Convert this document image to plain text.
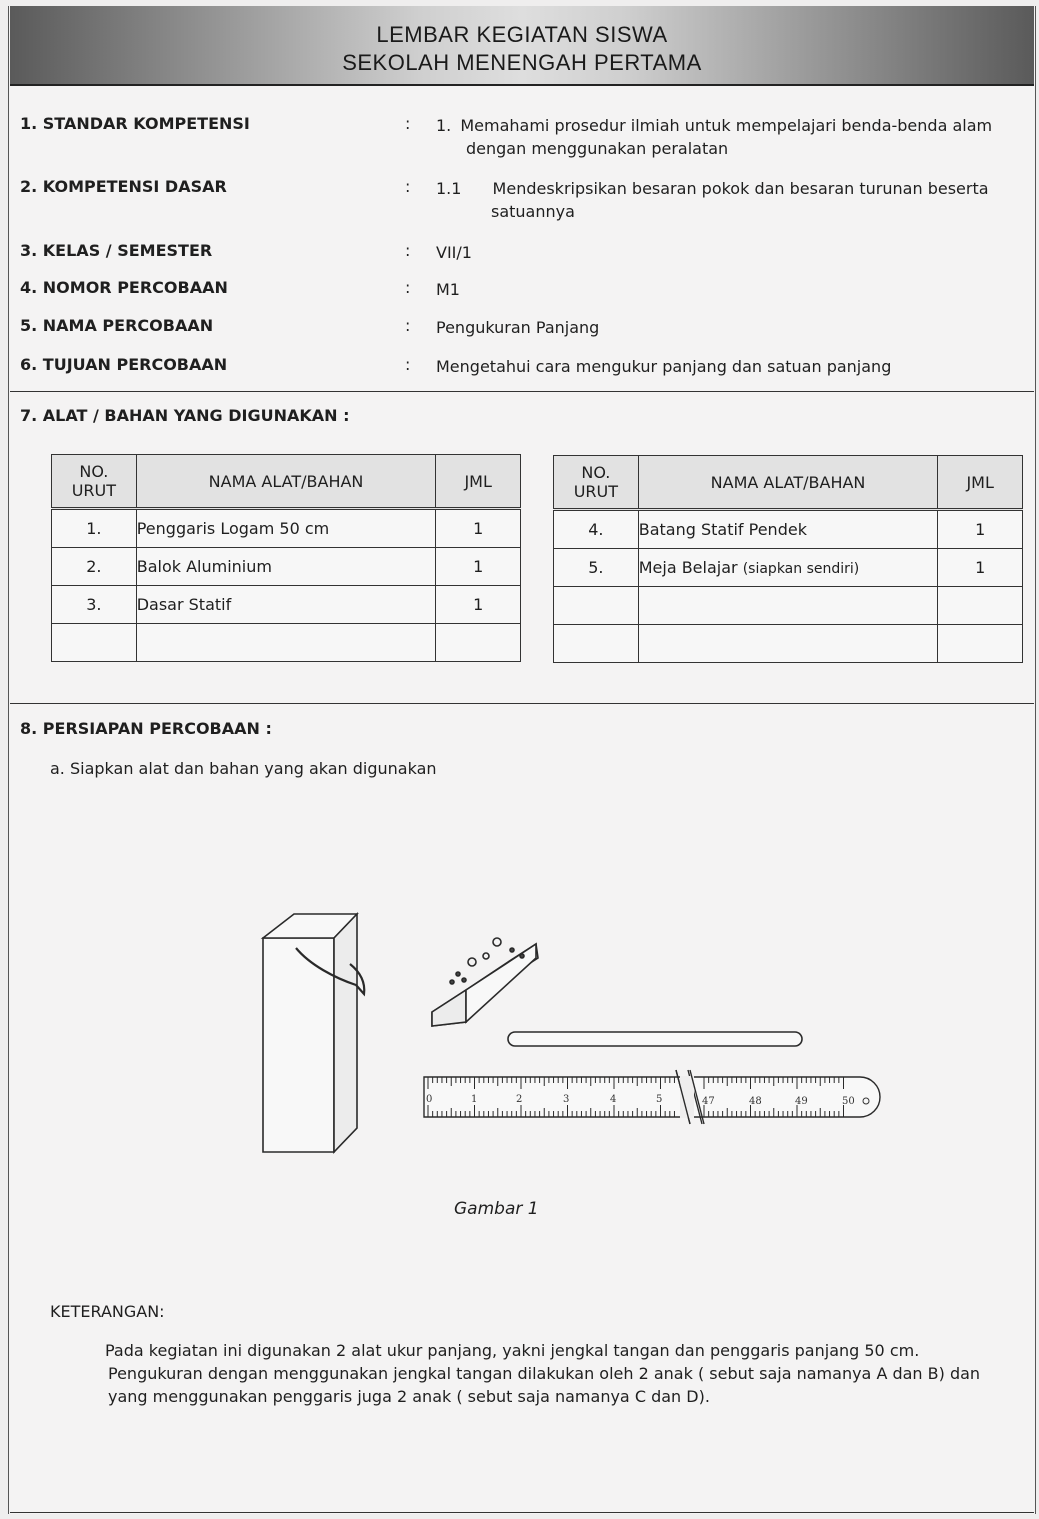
LEMBAR KEGIATAN SISWA
SEKOLAH MENENGAH PERTAMA
1. STANDAR KOMPETENSI	: 1. Memahami prosedur ilmiah untuk mempelajari benda-benda alam
dengan menggunakan peralatan
2. KOMPETENSI DASAR	: 1.1 Mendeskripsikan besaran pokok dan besaran turunan beserta
satuannya
3. KELAS / SEMESTER	: VII/1
4. NOMOR PERCOBAAN	: M1
5. NAMA PERCOBAAN	: Pengukuran Panjang
6. TUJUAN PERCOBAAN	: Mengetahui cara mengukur panjang dan satuan panjang
7. ALAT / BAHAN YANG DIGUNAKAN :
NO.
URUT	NAMA ALAT/BAHAN	JML
1.	Penggaris Logam 50 cm	1
2.	Balok Aluminium	1
3.	Dasar Statif	1

NO.
URUT	NAMA ALAT/BAHAN	JML
4.	Batang Statif Pendek	1
5.	Meja Belajar (siapkan sendiri)	1

8. PERSIAPAN PERCOBAAN :
a. Siapkan alat dan bahan yang akan digunakan
0	1	2	3	4	5	47	48	49	50
Gambar 1
KETERANGAN:
Pada kegiatan ini digunakan 2 alat ukur panjang, yakni jengkal tangan dan penggaris panjang 50 cm.
Pengukuran dengan menggunakan jengkal tangan dilakukan oleh 2 anak ( sebut saja namanya A dan B) dan
yang menggunakan penggaris juga 2 anak ( sebut saja namanya C dan D).
